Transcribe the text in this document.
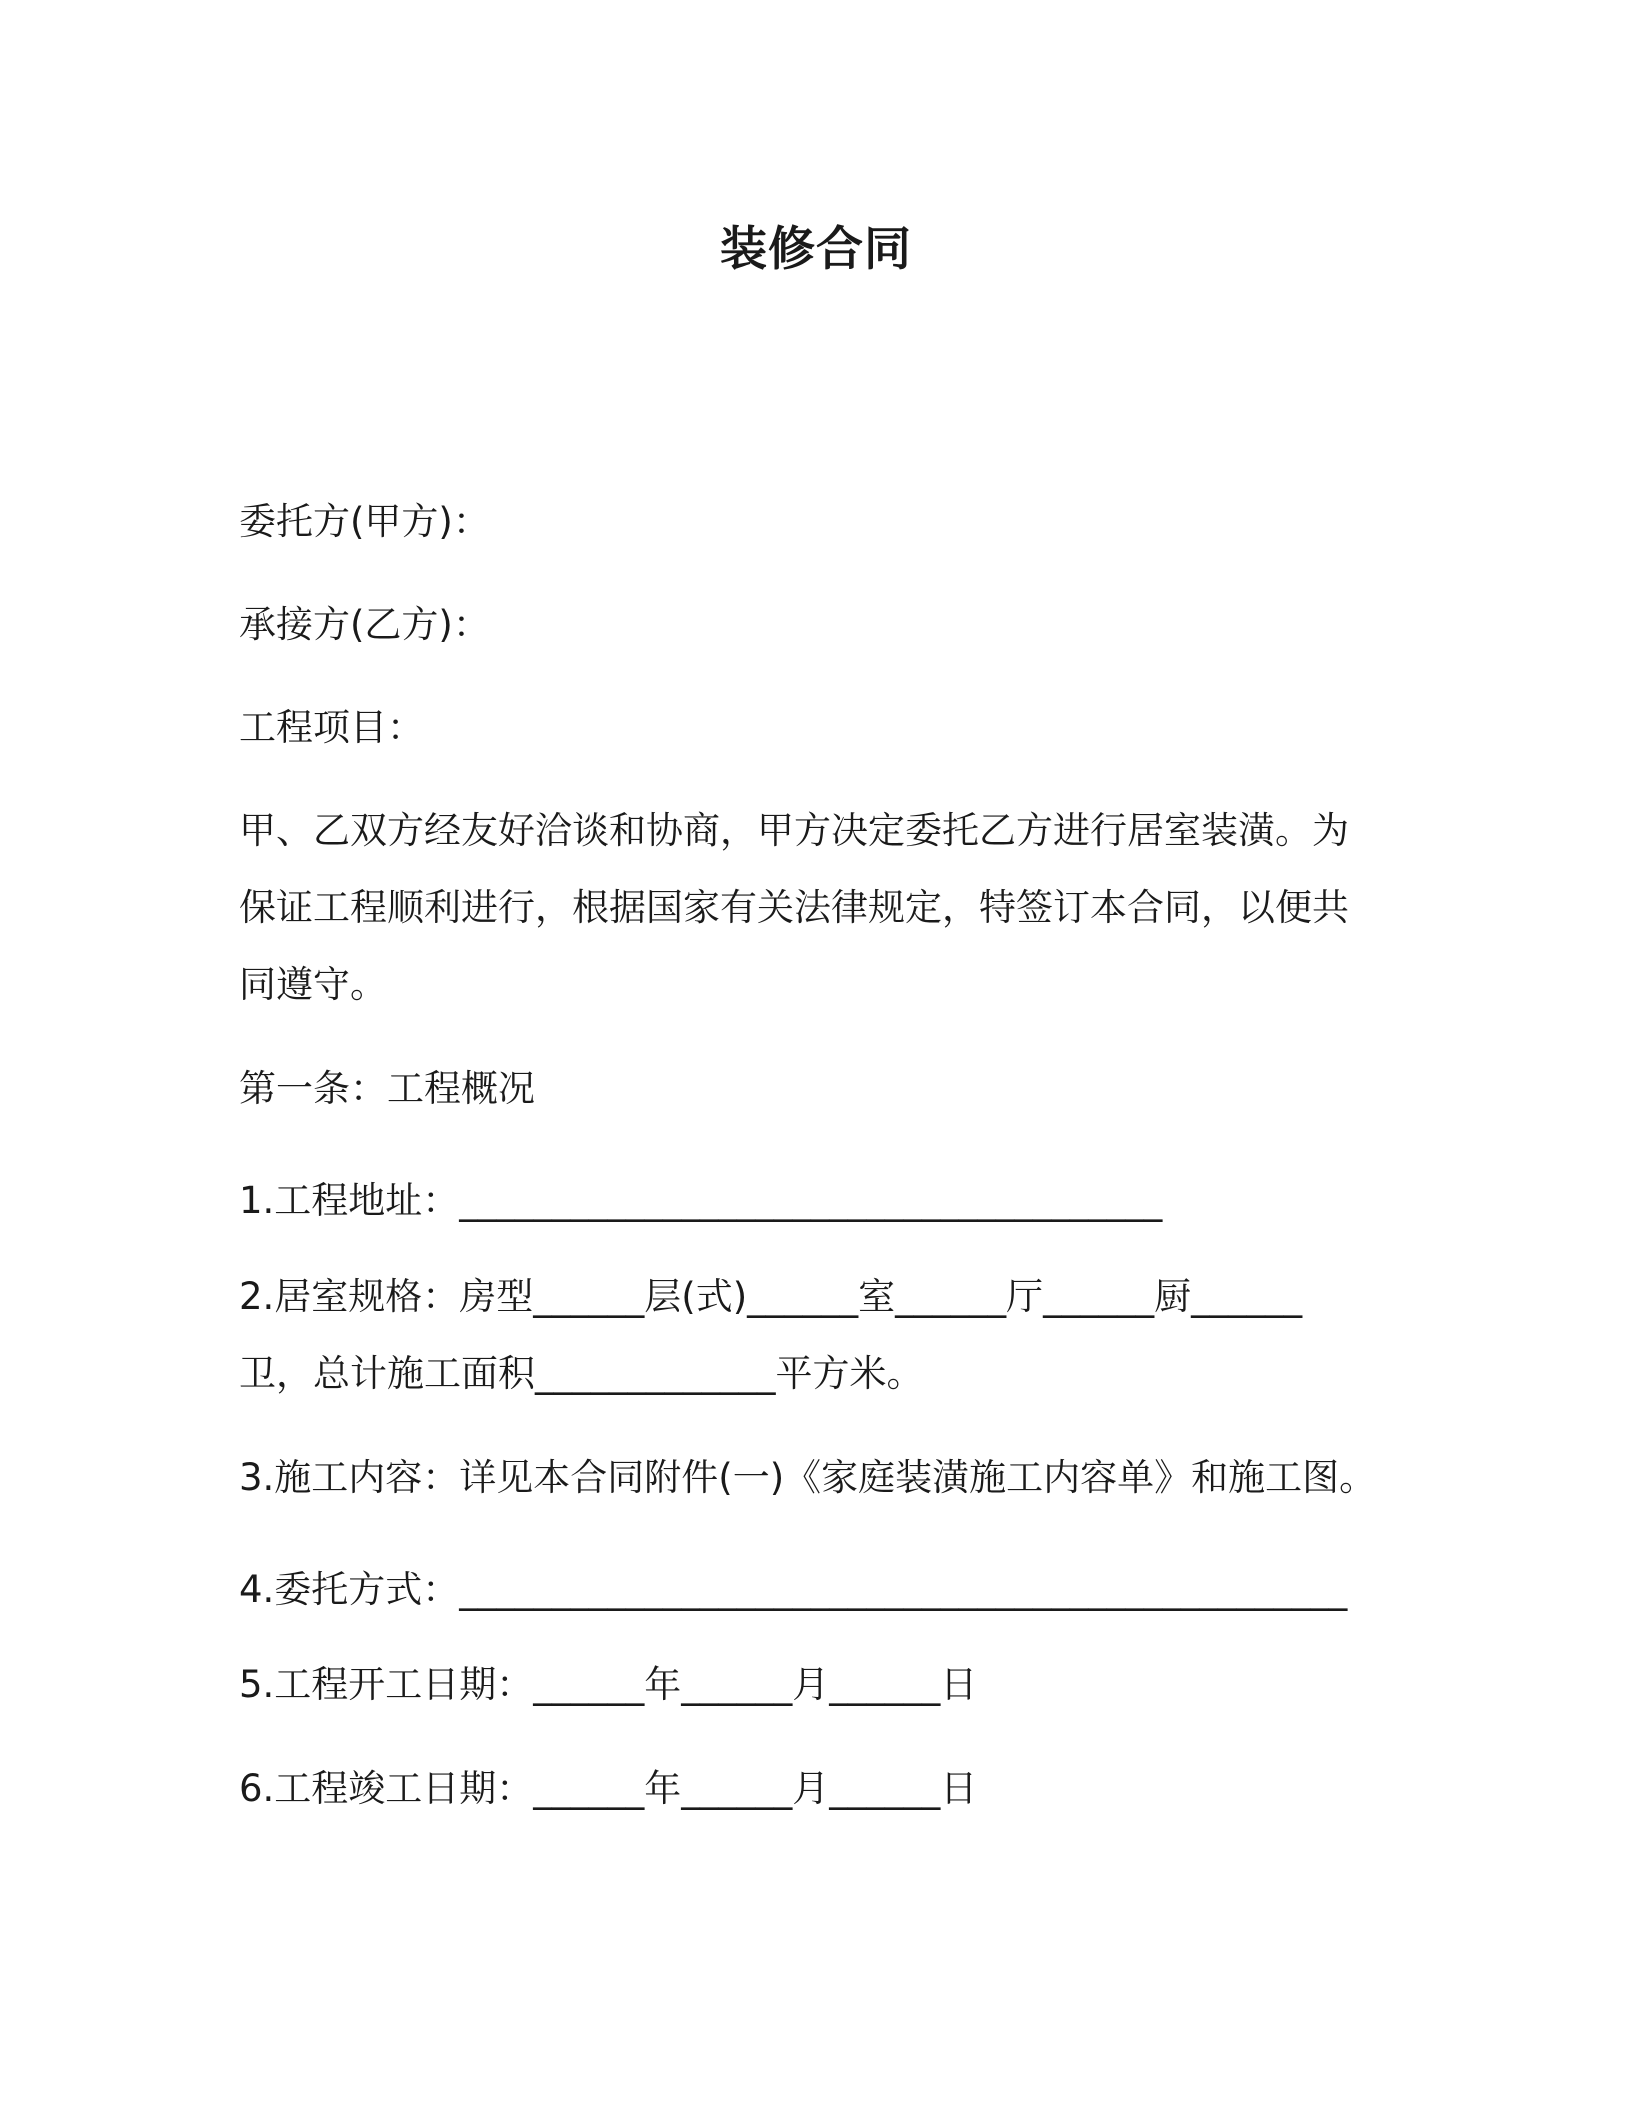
装修合同

委托方(甲方)：

承接方(乙方)：

工程项目：

甲、乙双方经友好洽谈和协商，甲方决定委托乙方进行居室装潢。为

保证工程顺利进行，根据国家有关法律规定，特签订本合同，以便共

同遵守。

第一条：工程概况

1.工程地址：______________________________________

2.居室规格：房型______层(式)______室______厅______厨______

卫，总计施工面积_____________平方米。

3.施工内容：详见本合同附件(一)《家庭装潢施工内容单》和施工图。

4.委托方式：________________________________________________

5.工程开工日期：______年______月______日

6.工程竣工日期：______年______月______日
